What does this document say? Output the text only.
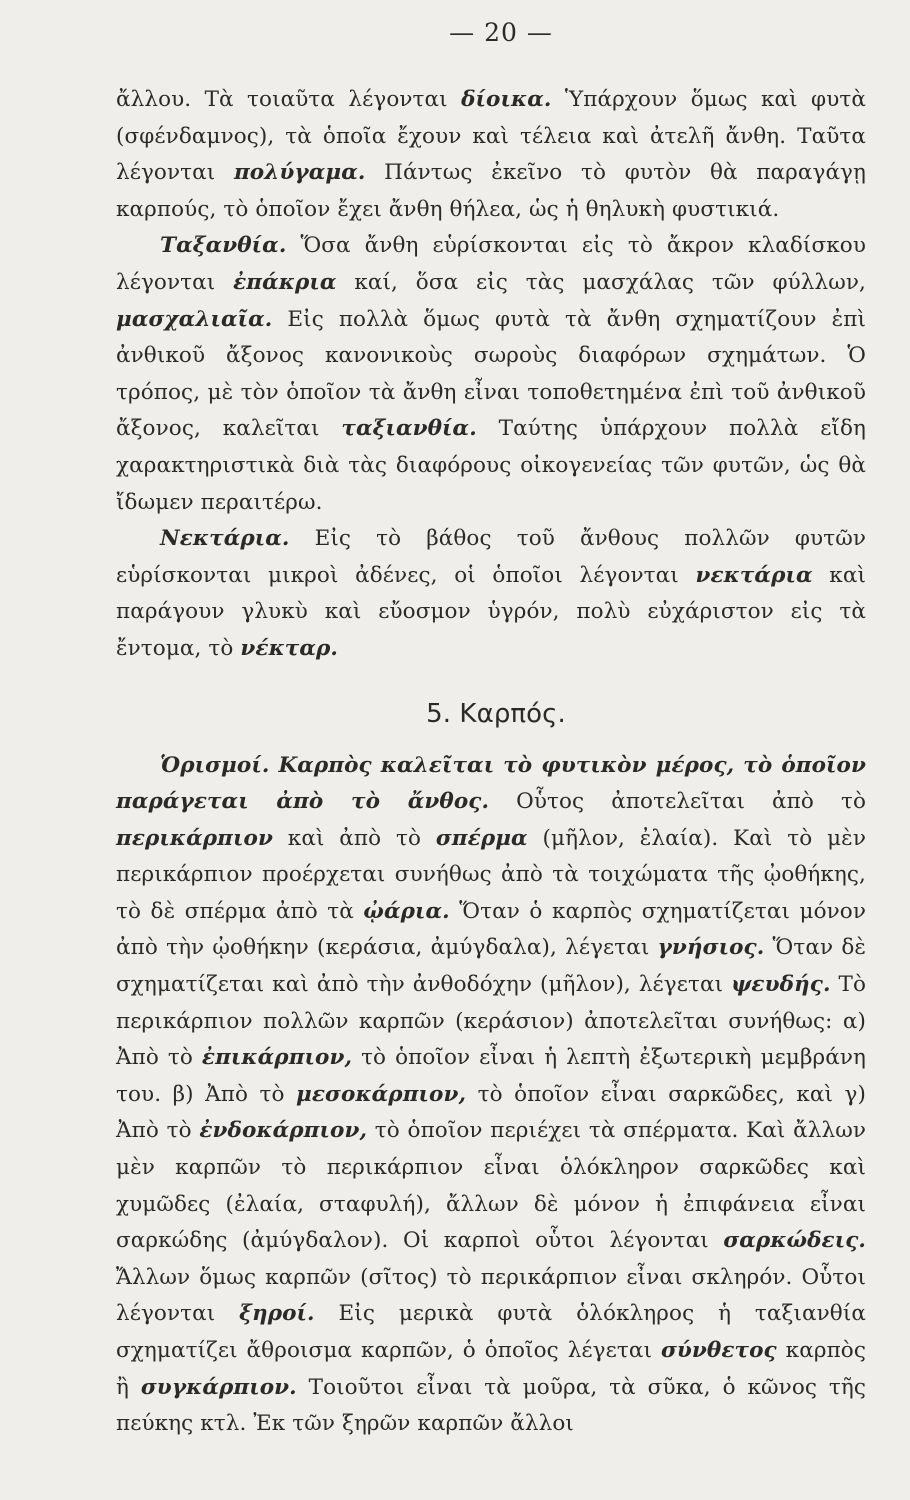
— 20 —

ἄλλου. Τὰ τοιαῦτα λέγονται δίοικα. Ὑπάρχουν ὅμως καὶ φυτὰ (σφένδαμνος), τὰ ὁποῖα ἔχουν καὶ τέλεια καὶ ἀτελῆ ἄνθη. Ταῦτα λέγονται πολύγαμα. Πάντως ἐκεῖνο τὸ φυτὸν θὰ παραγάγῃ καρπούς, τὸ ὁποῖον ἔχει ἄνθη θήλεα, ὡς ἡ θηλυκὴ φυστικιά.

Ταξανθία. Ὅσα ἄνθη εὑρίσκονται εἰς τὸ ἄκρον κλαδίσκου λέγονται ἐπάκρια καί, ὅσα εἰς τὰς μασχάλας τῶν φύλλων, μασχαλιαῖα. Εἰς πολλὰ ὅμως φυτὰ τὰ ἄνθη σχηματίζουν ἐπὶ ἀνθικοῦ ἄξονος κανονικοὺς σωροὺς διαφόρων σχημάτων. Ὁ τρόπος, μὲ τὸν ὁποῖον τὰ ἄνθη εἶναι τοποθετημένα ἐπὶ τοῦ ἀνθικοῦ ἄξονος, καλεῖται ταξιανθία. Ταύτης ὑπάρχουν πολλὰ εἴδη χαρακτηριστικὰ διὰ τὰς διαφόρους οἰκογενείας τῶν φυτῶν, ὡς θὰ ἴδωμεν περαιτέρω.

Νεκτάρια. Εἰς τὸ βάθος τοῦ ἄνθους πολλῶν φυτῶν εὑρίσκονται μικροὶ ἀδένες, οἱ ὁποῖοι λέγονται νεκτάρια καὶ παράγουν γλυκὺ καὶ εὔοσμον ὑγρόν, πολὺ εὐχάριστον εἰς τὰ ἔντομα, τὸ νέκταρ.

5. Καρπός.

Ὁρισμοί. Καρπὸς καλεῖται τὸ φυτικὸν μέρος, τὸ ὁποῖον παράγεται ἀπὸ τὸ ἄνθος. Οὗτος ἀποτελεῖται ἀπὸ τὸ περικάρπιον καὶ ἀπὸ τὸ σπέρμα (μῆλον, ἐλαία). Καὶ τὸ μὲν περικάρπιον προέρχεται συνήθως ἀπὸ τὰ τοιχώματα τῆς ᾠοθήκης, τὸ δὲ σπέρμα ἀπὸ τὰ ᾠάρια. Ὅταν ὁ καρπὸς σχηματίζεται μόνον ἀπὸ τὴν ᾠοθήκην (κεράσια, ἀμύγδαλα), λέγεται γνήσιος. Ὅταν δὲ σχηματίζεται καὶ ἀπὸ τὴν ἀνθοδόχην (μῆλον), λέγεται ψευδής. Τὸ περικάρπιον πολλῶν καρπῶν (κεράσιον) ἀποτελεῖται συνήθως: α) Ἀπὸ τὸ ἐπικάρπιον, τὸ ὁποῖον εἶναι ἡ λεπτὴ ἐξωτερικὴ μεμβράνη του. β) Ἀπὸ τὸ μεσοκάρπιον, τὸ ὁποῖον εἶναι σαρκῶδες, καὶ γ) Ἀπὸ τὸ ἐνδοκάρπιον, τὸ ὁποῖον περιέχει τὰ σπέρματα. Καὶ ἄλλων μὲν καρπῶν τὸ περικάρπιον εἶναι ὁλόκληρον σαρκῶδες καὶ χυμῶδες (ἐλαία, σταφυλή), ἄλλων δὲ μόνον ἡ ἐπιφάνεια εἶναι σαρκώδης (ἀμύγδαλον). Οἱ καρποὶ οὗτοι λέγονται σαρκώδεις. Ἄλλων ὅμως καρπῶν (σῖτος) τὸ περικάρπιον εἶναι σκληρόν. Οὗτοι λέγονται ξηροί. Εἰς μερικὰ φυτὰ ὁλόκληρος ἡ ταξιανθία σχηματίζει ἄθροισμα καρπῶν, ὁ ὁποῖος λέγεται σύνθετος καρπὸς ἢ συγκάρπιον. Τοιοῦτοι εἶναι τὰ μοῦρα, τὰ σῦκα, ὁ κῶνος τῆς πεύκης κτλ. Ἐκ τῶν ξηρῶν καρπῶν ἄλλοι
